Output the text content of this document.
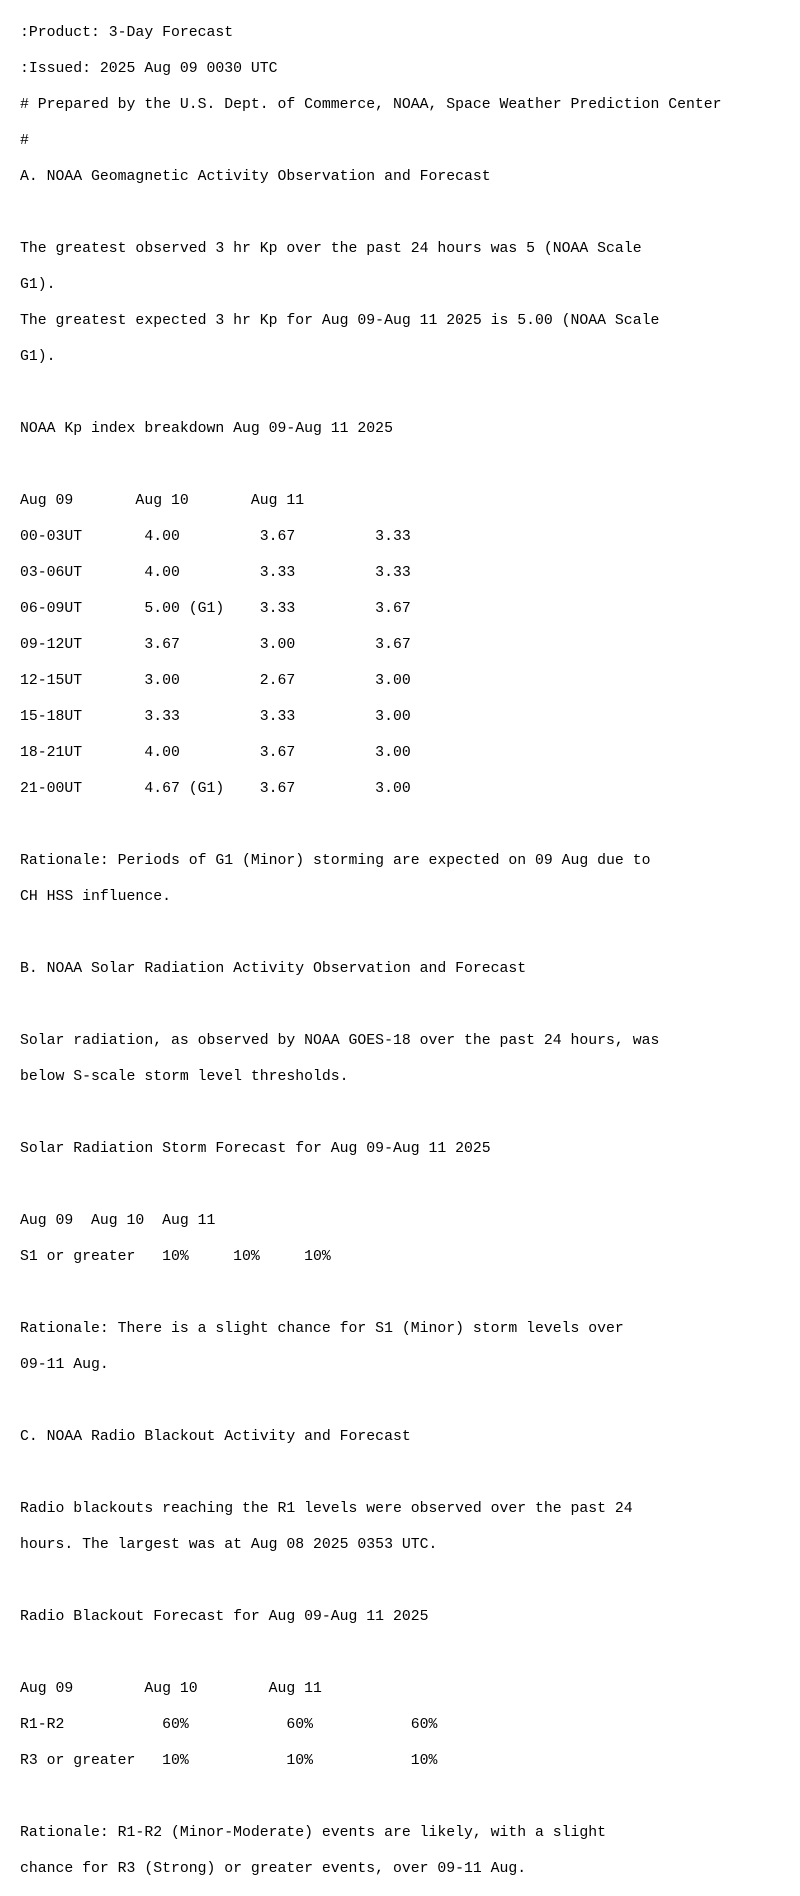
:Product: 3-Day Forecast

:Issued: 2025 Aug 09 0030 UTC

# Prepared by the U.S. Dept. of Commerce, NOAA, Space Weather Prediction Center

#

A. NOAA Geomagnetic Activity Observation and Forecast

The greatest observed 3 hr Kp over the past 24 hours was 5 (NOAA Scale

G1).

The greatest expected 3 hr Kp for Aug 09-Aug 11 2025 is 5.00 (NOAA Scale

G1).

NOAA Kp index breakdown Aug 09-Aug 11 2025

Aug 09       Aug 10       Aug 11

00-03UT       4.00         3.67         3.33

03-06UT       4.00         3.33         3.33

06-09UT       5.00 (G1)    3.33         3.67

09-12UT       3.67         3.00         3.67

12-15UT       3.00         2.67         3.00

15-18UT       3.33         3.33         3.00

18-21UT       4.00         3.67         3.00

21-00UT       4.67 (G1)    3.67         3.00

Rationale: Periods of G1 (Minor) storming are expected on 09 Aug due to

CH HSS influence.

B. NOAA Solar Radiation Activity Observation and Forecast

Solar radiation, as observed by NOAA GOES-18 over the past 24 hours, was

below S-scale storm level thresholds.

Solar Radiation Storm Forecast for Aug 09-Aug 11 2025

Aug 09  Aug 10  Aug 11

S1 or greater   10%     10%     10%

Rationale: There is a slight chance for S1 (Minor) storm levels over

09-11 Aug.

C. NOAA Radio Blackout Activity and Forecast

Radio blackouts reaching the R1 levels were observed over the past 24

hours. The largest was at Aug 08 2025 0353 UTC.

Radio Blackout Forecast for Aug 09-Aug 11 2025

Aug 09        Aug 10        Aug 11

R1-R2           60%           60%           60%

R3 or greater   10%           10%           10%

Rationale: R1-R2 (Minor-Moderate) events are likely, with a slight

chance for R3 (Strong) or greater events, over 09-11 Aug.
